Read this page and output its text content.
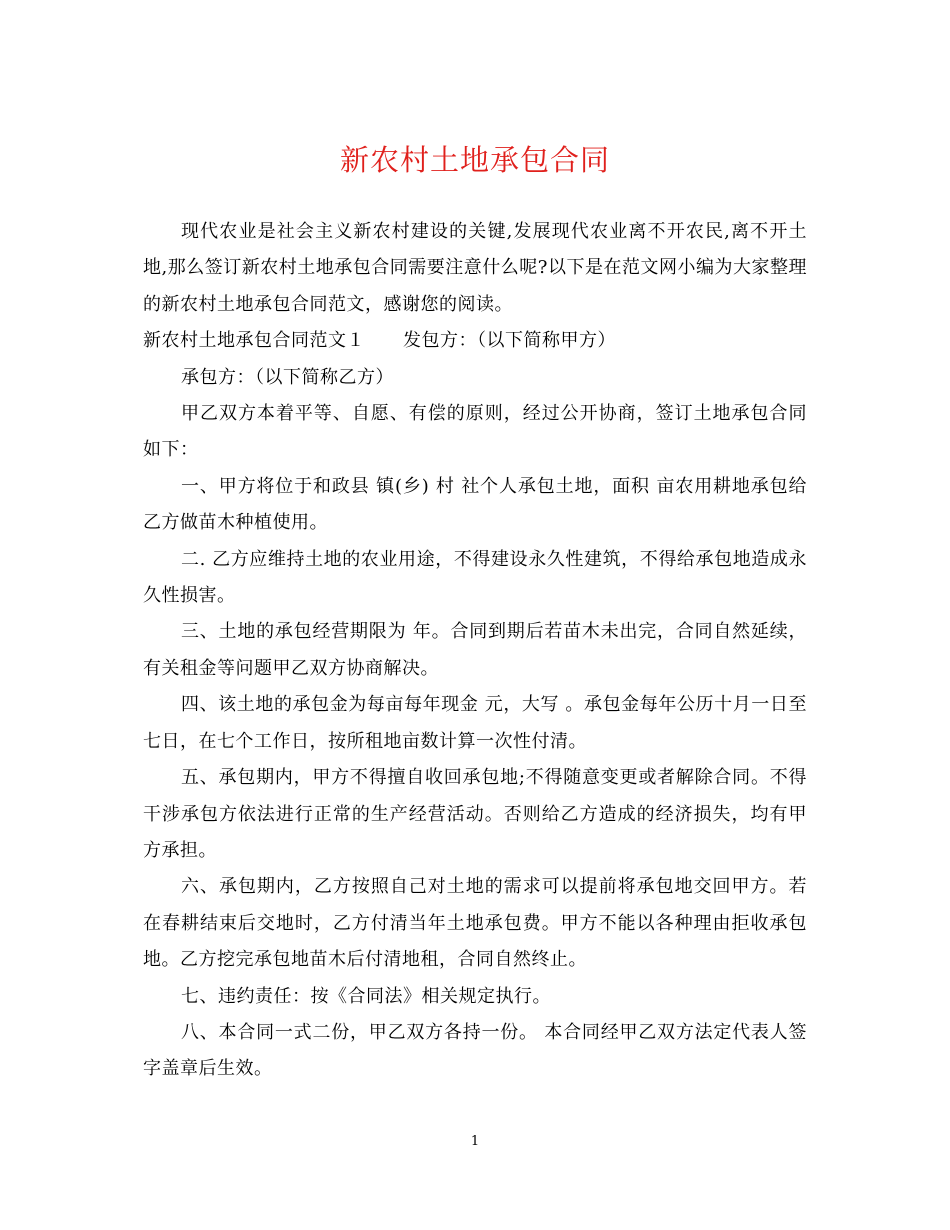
新农村土地承包合同

现代农业是社会主义新农村建设的关键,发展现代农业离不开农民,离不开土地,那么签订新农村土地承包合同需要注意什么呢?以下是在范文网小编为大家整理的新农村土地承包合同范文，感谢您的阅读。

新农村土地承包合同范文１ 发包方：（以下简称甲方）

承包方：（以下简称乙方）

甲乙双方本着平等、自愿、有偿的原则，经过公开协商，签订土地承包合同如下：

一、甲方将位于和政县 镇(乡) 村 社个人承包土地，面积 亩农用耕地承包给乙方做苗木种植使用。

二. 乙方应维持土地的农业用途，不得建设永久性建筑，不得给承包地造成永久性损害。

三、土地的承包经营期限为 年。合同到期后若苗木未出完，合同自然延续，有关租金等问题甲乙双方协商解决。

四、该土地的承包金为每亩每年现金 元，大写 。承包金每年公历十月一日至七日，在七个工作日，按所租地亩数计算一次性付清。

五、承包期内，甲方不得擅自收回承包地;不得随意变更或者解除合同。不得干涉承包方依法进行正常的生产经营活动。否则给乙方造成的经济损失，均有甲方承担。

六、承包期内，乙方按照自己对土地的需求可以提前将承包地交回甲方。若在春耕结束后交地时，乙方付清当年土地承包费。甲方不能以各种理由拒收承包地。乙方挖完承包地苗木后付清地租，合同自然终止。

七、违约责任：按《合同法》相关规定执行。

八、本合同一式二份，甲乙双方各持一份。 本合同经甲乙双方法定代表人签字盖章后生效。

1
